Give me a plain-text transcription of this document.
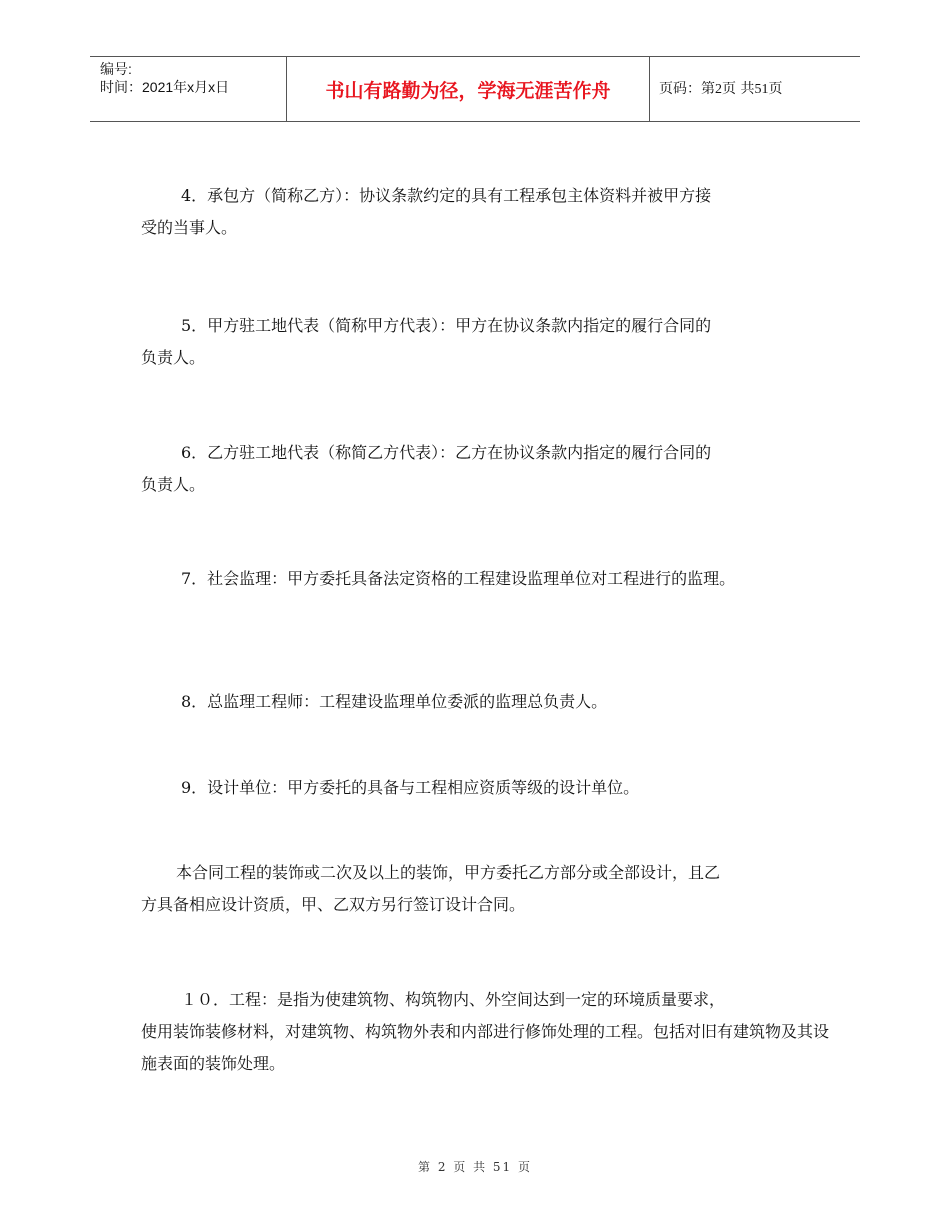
编号:
时间：2021年x月x日	书山有路勤为径，学海无涯苦作舟	页码：第2页 共51页

4．承包方（简称乙方）：协议条款约定的具有工程承包主体资料并被甲方接
受的当事人。

5．甲方驻工地代表（简称甲方代表）：甲方在协议条款内指定的履行合同的
负责人。

6．乙方驻工地代表（称简乙方代表）：乙方在协议条款内指定的履行合同的
负责人。

7．社会监理：甲方委托具备法定资格的工程建设监理单位对工程进行的监理。

8．总监理工程师：工程建设监理单位委派的监理总负责人。

9．设计单位：甲方委托的具备与工程相应资质等级的设计单位。

本合同工程的装饰或二次及以上的装饰，甲方委托乙方部分或全部设计，且乙
方具备相应设计资质，甲、乙双方另行签订设计合同。

１０．工程：是指为使建筑物、构筑物内、外空间达到一定的环境质量要求，
使用装饰装修材料，对建筑物、构筑物外表和内部进行修饰处理的工程。包括对旧有建筑物及其设施表面的装饰处理。

第 2 页 共 51 页
